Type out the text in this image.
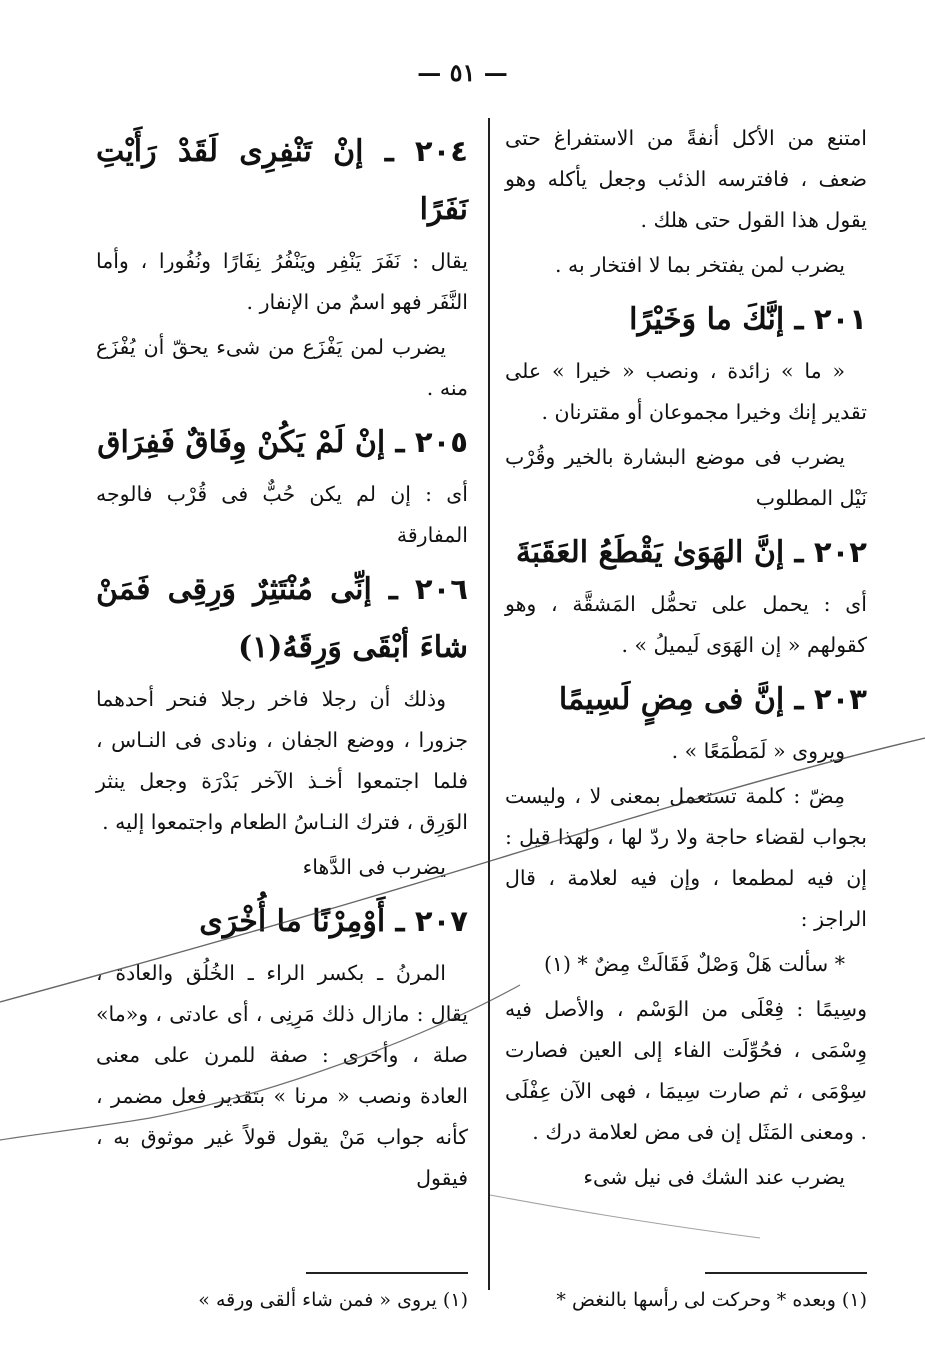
— ٥١ —

امتنع من الأكل أنفةً من الاستفراغ حتى ضعف ، فافترسه الذئب وجعل يأكله وهو يقول هذا القول حتى هلك .

يضرب لمن يفتخر بما لا افتخار به .

٢٠١ ـ إنَّكَ ما وَخَيْرًا

« ما » زائدة ، ونصب « خيرا » على تقدير إنك وخيرا مجموعان أو مقترنان .

يضرب فى موضع البشارة بالخير وقُرْب نَيْل المطلوب

٢٠٢ ـ إنَّ الهَوَىٰ يَقْطَعُ العَقَبَةَ

أى : يحمل على تحمُّل المَشقَّة ، وهو كقولهم « إن الهَوَى لَيميلُ » .

٢٠٣ ـ إنَّ فى مِضٍ لَسِيمًا

ويروى « لَمَطْمَعًا » .

مِضّ : كلمة تستعمل بمعنى لا ، وليست بجواب لقضاء حاجة ولا ردّ لها ، ولهذا قيل : إن فيه لمطمعا ، وإن فيه لعلامة ، قال الراجز :

* سألت هَلْ وَصْلٌ فَقَالَتْ مِضٌ * (١)

وسِيمًا : فِعْلَى من الوَسْم ، والأصل فيه وِسْمَى ، فحُوِّلَت الفاء إلى العين فصارت سِوْمَى ، ثم صارت سِيمَا ، فهى الآن عِفْلَى . ومعنى المَثَل إن فى مض لعلامة درك .

يضرب عند الشك فى نيل شىء

٢٠٤ ـ إنْ تَنْفِرِى لَقَدْ رَأَيْتِ نَفَرًا

يقال : نَفَرَ يَنْفِر ويَنْفُرُ نِفَارًا ونُفُورا ، وأما النَّفَر فهو اسمٌ من الإنفار .

يضرب لمن يَفْزَع من شىء يحقّ أن يُفْزَع منه .

٢٠٥ ـ إنْ لَمْ يَكُنْ وِفَاقٌ فَفِرَاق

أى : إن لم يكن حُبٌّ فى قُرْب فالوجه المفارقة

٢٠٦ ـ إنِّى مُنْتَثِرٌ وَرِقِى فَمَنْ شاءَ أبْقَى وَرِقَهُ(١)

وذلك أن رجلا فاخر رجلا فنحر أحدهما جزورا ، ووضع الجفان ، ونادى فى النـاس ، فلما اجتمعوا أخـذ الآخر بَدْرَة وجعل ينثر الوَرِق ، فترك النـاسُ الطعام واجتمعوا إليه .

يضرب فى الدَّهاء

٢٠٧ ـ أَوْمِرْنًا ما أُخْرَى

المرنُ ـ بكسر الراء ـ الخُلُق والعادة ، يقال : مازال ذلك مَرِنِى ، أى عادتى ، و«ما» صلة ، وأخرى : صفة للمرن على معنى العادة ونصب « مرنا » بتقدير فعل مضمر ، كأنه جواب مَنْ يقول قولاً غير موثوق به ، فيقول

(١) وبعده * وحركت لى رأسها بالنغض *
(١) يروى « فمن شاء ألقى ورقه »
